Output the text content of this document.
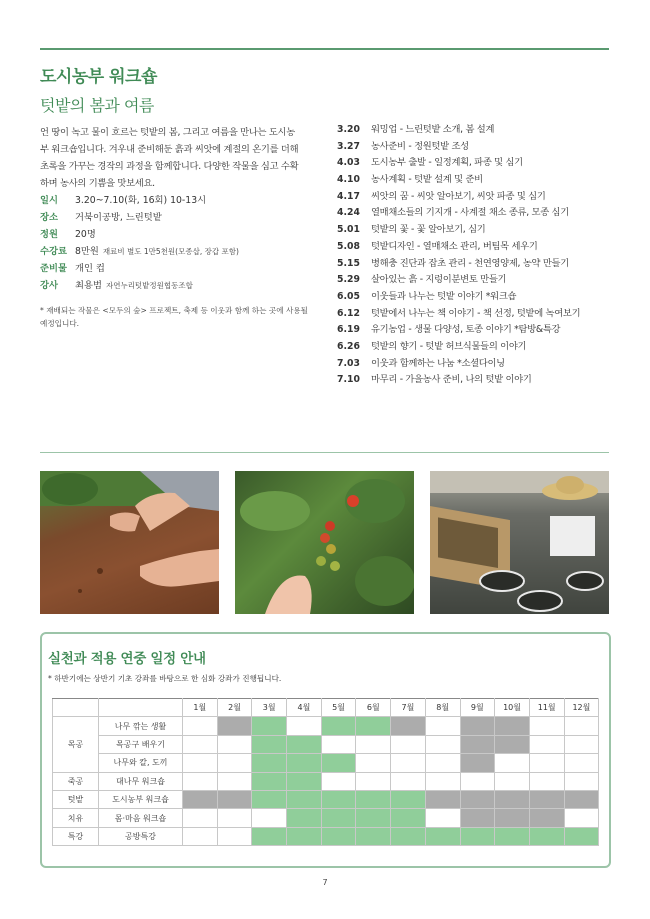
도시농부 워크숍
텃밭의 봄과 여름
언 땅이 녹고 물이 흐르는 텃밭의 봄, 그리고 여름을 만나는 도시농부 워크숍입니다. 겨우내 준비해둔 흙과 씨앗에 계절의 온기를 더해 초록을 가꾸는 경작의 과정을 함께합니다. 다양한 작물을 심고 수확하며 농사의 기쁨을 맛보세요.
일시	3.20~7.10(화, 16회) 10-13시
장소	거북이공방, 느린텃밭
정원	20명
수강료 8만원 재료비 별도 1만5천원(모종삽, 장갑 포함)
준비물 개인 컵
강사	최용범 자연누리텃밭정원협동조합
* 재배되는 작물은 <모두의 숲> 프로젝트, 축제 등 이웃과 함께 하는 곳에 사용될 예정입니다.
3.20	워밍업 - 느린텃밭 소개, 봄 설계
3.27	농사준비 - 정원텃밭 조성
4.03	도시농부 출발 - 일정계획, 파종 및 심기
4.10	농사계획 - 텃밭 설계 및 준비
4.17	씨앗의 꿈 - 씨앗 알아보기, 씨앗 파종 및 심기
4.24	열매채소들의 기지개 - 사계절 채소 종류, 모종 심기
5.01	텃밭의 꽃 - 꽃 알아보기, 심기
5.08	텃밭디자인 - 열매채소 관리, 버팀목 세우기
5.15	병해충 진단과 잡초 관리 - 천연영양제, 농약 만들기
5.29	살아있는 흙 - 지렁이분변토 만들기
6.05	이웃들과 나누는 텃밭 이야기 *워크숍
6.12	텃밭에서 나누는 책 이야기 - 책 선정, 텃밭에 녹여보기
6.19	유기농업 - 생물 다양성, 토종 이야기 *탐방&특강
6.26	텃밭의 향기 - 텃밭 허브식물들의 이야기
7.03	이웃과 함께하는 나눔 *소셜다이닝
7.10	마무리 - 가을농사 준비, 나의 텃밭 이야기
실천과 적용 연중 일정 안내
* 하반기에는 상반기 기초 강좌를 바탕으로 한 심화 강좌가 진행됩니다.
		1월	2월	3월	4월	5월	6월	7월	8월	9월	10월	11월	12월
목공	나무 깎는 생활												
	목공구 배우기												
	나무와 칼, 도끼												
죽공	대나무 워크숍												
텃밭	도시농부 워크숍												
치유	몸·마음 워크숍												
특강	공방특강												
7
